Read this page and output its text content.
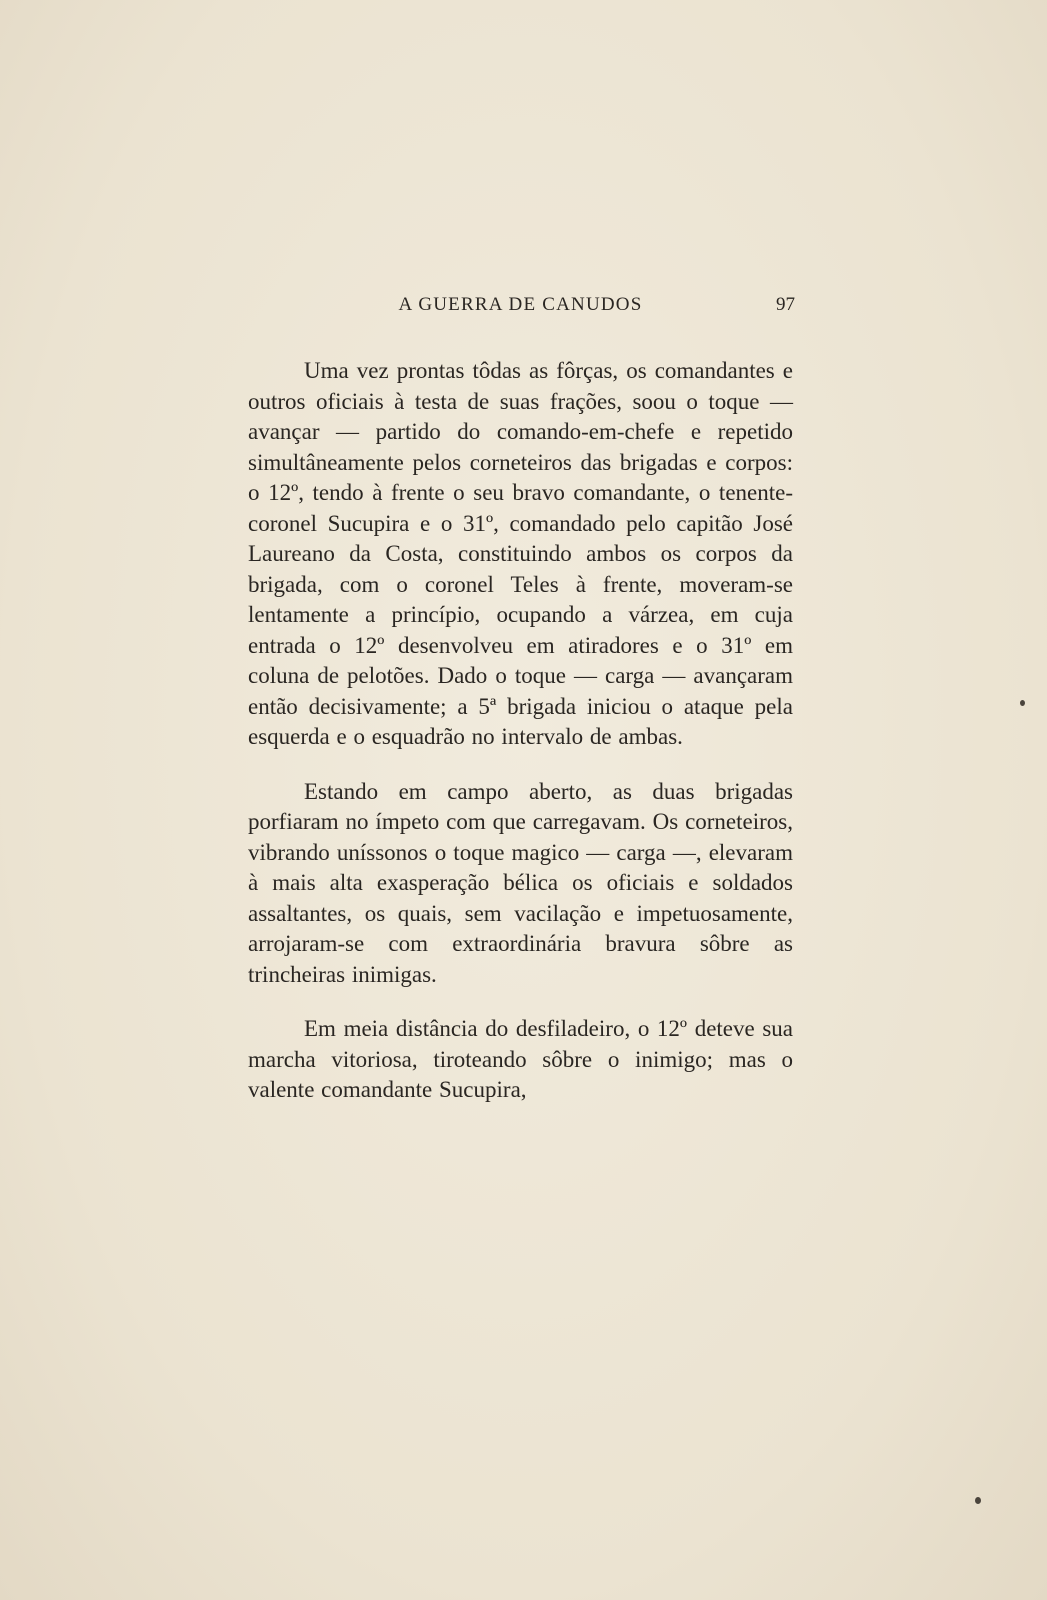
A GUERRA DE CANUDOS	97

Uma vez prontas tôdas as fôrças, os comandantes e outros oficiais à testa de suas frações, soou o toque — avançar — partido do comando-em-chefe e repetido simultâneamente pelos corneteiros das brigadas e corpos: o 12º, tendo à frente o seu bravo comandante, o tenente-coronel Sucupira e o 31º, comandado pelo capitão José Laureano da Costa, constituindo ambos os corpos da brigada, com o coronel Teles à frente, moveram-se lentamente a princípio, ocupando a várzea, em cuja entrada o 12º desenvolveu em atiradores e o 31º em coluna de pelotões. Dado o toque — carga — avançaram então decisivamente; a 5ª brigada iniciou o ataque pela esquerda e o esquadrão no intervalo de ambas.

Estando em campo aberto, as duas brigadas porfiaram no ímpeto com que carregavam. Os corneteiros, vibrando uníssonos o toque magico — carga —, elevaram à mais alta exasperação bélica os oficiais e soldados assaltantes, os quais, sem vacilação e impetuosamente, arrojaram-se com extraordinária bravura sôbre as trincheiras inimigas.

Em meia distância do desfiladeiro, o 12º deteve sua marcha vitoriosa, tiroteando sôbre o inimigo; mas o valente comandante Sucupira,
